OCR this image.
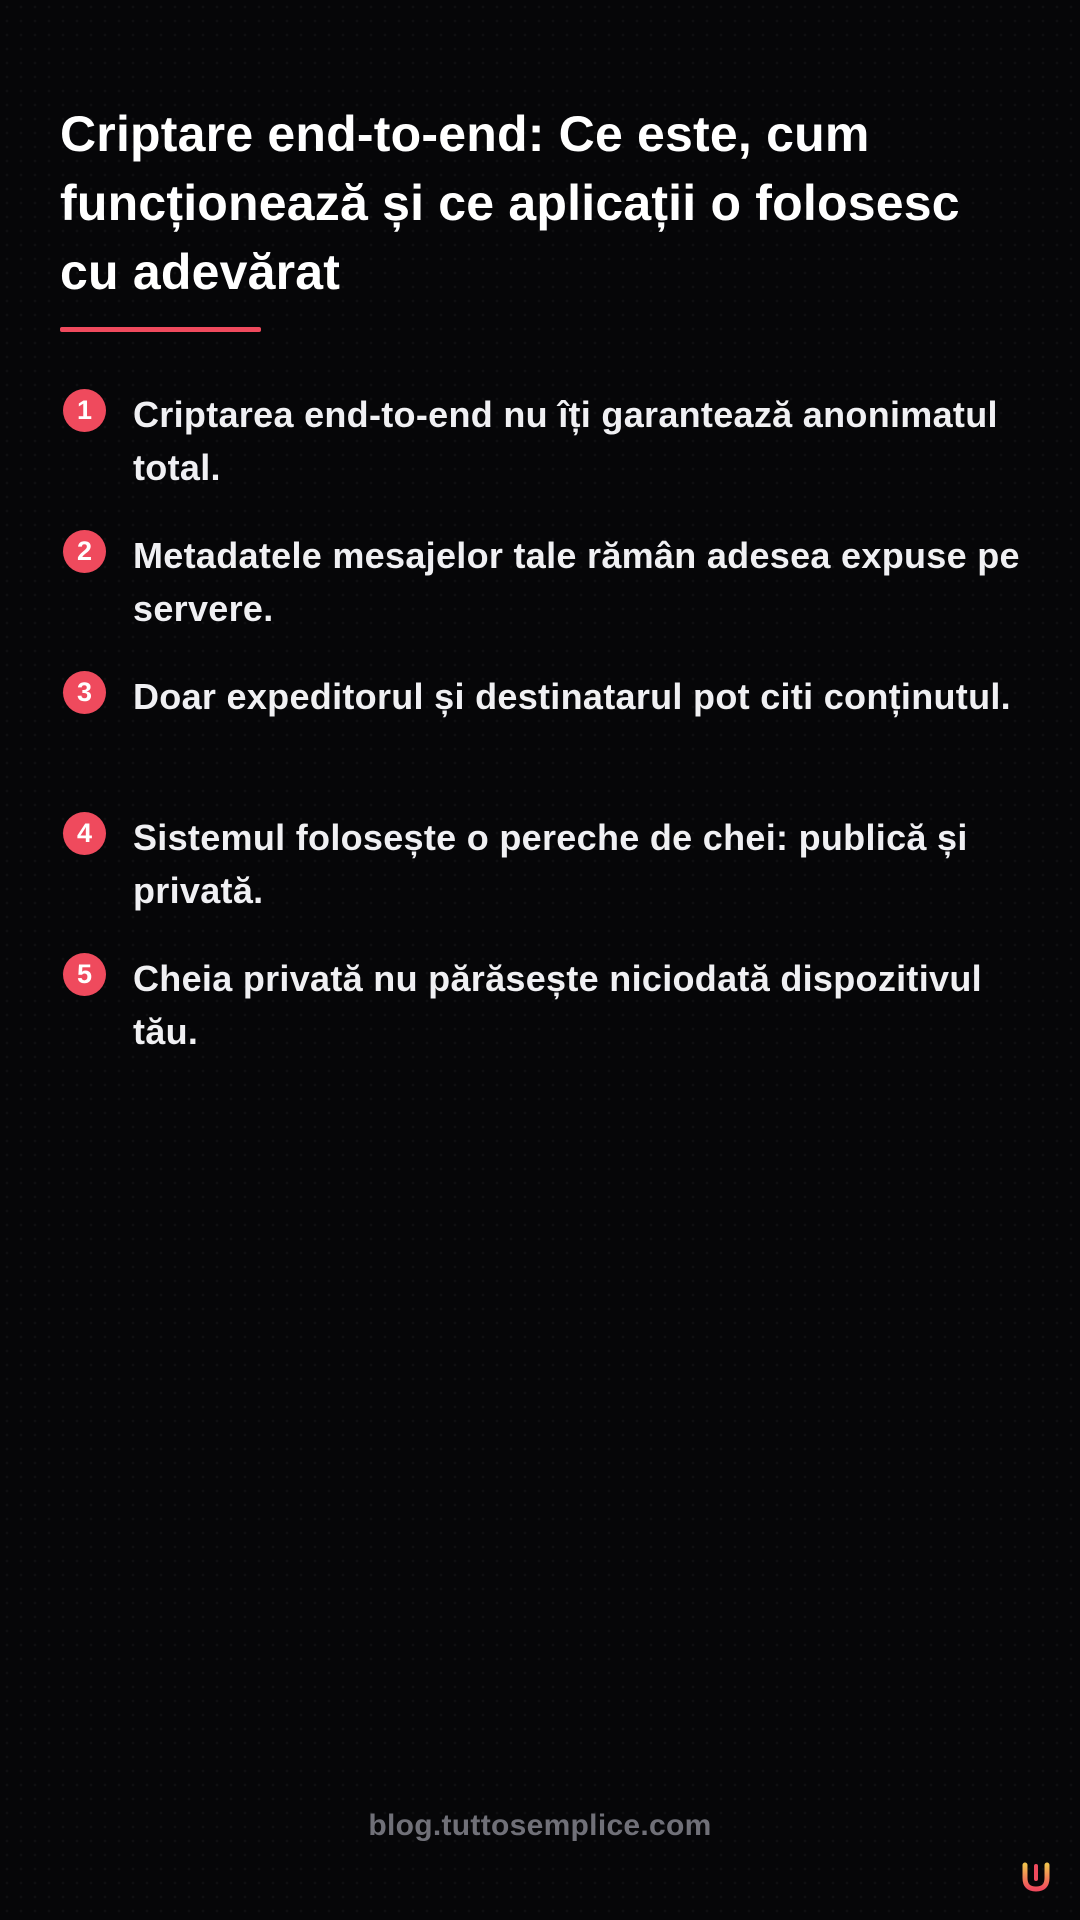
Criptare end-to-end: Ce este, cum funcționează și ce aplicații o folosesc cu adevărat
1	Criptarea end-to-end nu îți garantează anonimatul total.
2	Metadatele mesajelor tale rămân adesea expuse pe servere.
3	Doar expeditorul și destinatarul pot citi conținutul.
4	Sistemul folosește o pereche de chei: publică și privată.
5	Cheia privată nu părăsește niciodată dispozitivul tău.
blog.tuttosemplice.com
